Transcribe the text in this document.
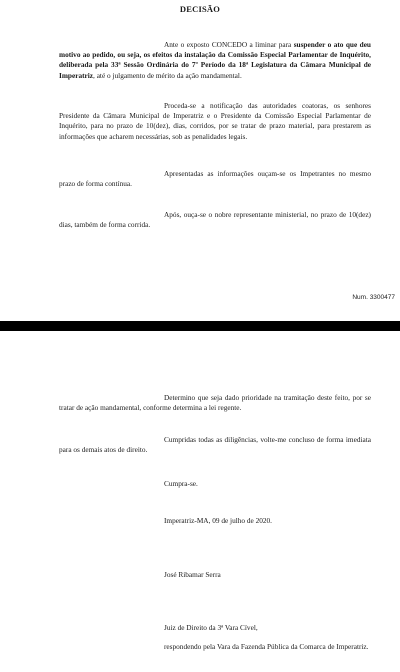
DECISÃO

Ante o exposto CONCEDO a liminar para suspender o ato que deu motivo ao pedido, ou seja, os efeitos da instalação da Comissão Especial Parlamentar de Inquérito, deliberada pela 33ª Sessão Ordinária do 7º Período da 18ª Legislatura da Câmara Municipal de Imperatriz, até o julgamento de mérito da ação mandamental.

Proceda-se a notificação das autoridades coatoras, os senhores Presidente da Câmara Municipal de Imperatriz e o Presidente da Comissão Especial Parlamentar de Inquérito, para no prazo de 10(dez), dias, corridos, por se tratar de prazo material, para prestarem as informações que acharem necessárias, sob as penalidades legais.

Apresentadas as informações ouçam-se os Impetrantes no mesmo prazo de forma contínua.

Após, ouça-se o nobre representante ministerial, no prazo de 10(dez) dias, também de forma corrida.

Num. 3300477

Determino que seja dado prioridade na tramitação deste feito, por se tratar de ação mandamental, conforme determina a lei regente.

Cumpridas todas as diligências, volte-me concluso de forma imediata para os demais atos de direito.

Cumpra-se.

Imperatriz-MA, 09 de julho de 2020.

José Ribamar Serra

Juiz de Direito da 3ª Vara Cível,

respondendo pela Vara da Fazenda Pública da Comarca de Imperatriz.
